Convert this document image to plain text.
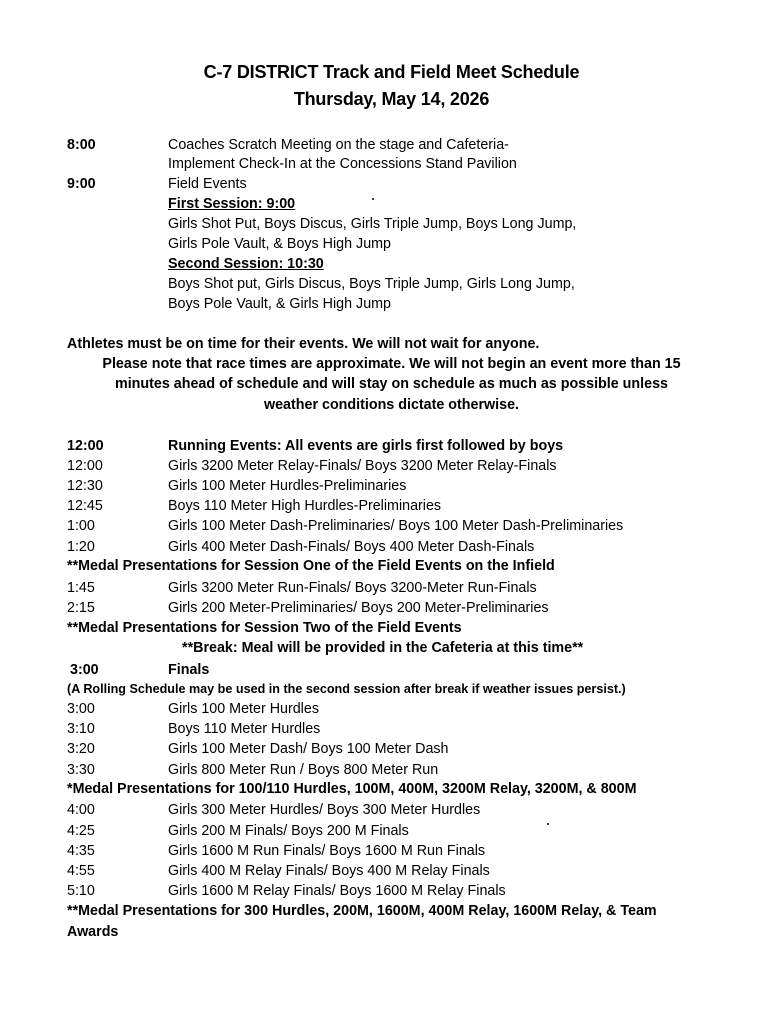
C-7 DISTRICT Track and Field Meet Schedule
Thursday, May 14, 2026
8:00	Coaches Scratch Meeting on the stage and Cafeteria-
Implement Check-In at the Concessions Stand Pavilion
9:00	Field Events
First Session: 9:00
Girls Shot Put, Boys Discus, Girls Triple Jump, Boys Long Jump,
Girls Pole Vault, & Boys High Jump
Second Session: 10:30
Boys Shot put, Girls Discus, Boys Triple Jump, Girls Long Jump,
Boys Pole Vault, & Girls High Jump
Athletes must be on time for their events. We will not wait for anyone.
Please note that race times are approximate. We will not begin an event more than 15
minutes ahead of schedule and will stay on schedule as much as possible unless
weather conditions dictate otherwise.
12:00	Running Events: All events are girls first followed by boys
12:00	Girls 3200 Meter Relay-Finals/ Boys 3200 Meter Relay-Finals
12:30	Girls 100 Meter Hurdles-Preliminaries
12:45	Boys 110 Meter High Hurdles-Preliminaries
1:00	Girls 100 Meter Dash-Preliminaries/ Boys 100 Meter Dash-Preliminaries
1:20	Girls 400 Meter Dash-Finals/ Boys 400 Meter Dash-Finals
**Medal Presentations for Session One of the Field Events on the Infield
1:45	Girls 3200 Meter Run-Finals/ Boys 3200-Meter Run-Finals
2:15	Girls 200 Meter-Preliminaries/ Boys 200 Meter-Preliminaries
**Medal Presentations for Session Two of the Field Events
**Break: Meal will be provided in the Cafeteria at this time**
3:00	Finals
(A Rolling Schedule may be used in the second session after break if weather issues persist.)
3:00	Girls 100 Meter Hurdles
3:10	Boys 110 Meter Hurdles
3:20	Girls 100 Meter Dash/ Boys 100 Meter Dash
3:30	Girls 800 Meter Run / Boys 800 Meter Run
*Medal Presentations for 100/110 Hurdles, 100M, 400M, 3200M Relay, 3200M, & 800M
4:00	Girls 300 Meter Hurdles/ Boys 300 Meter Hurdles
4:25	Girls 200 M Finals/ Boys 200 M Finals
4:35	Girls 1600 M Run Finals/ Boys 1600 M Run Finals
4:55	Girls 400 M Relay Finals/ Boys 400 M Relay Finals
5:10	Girls 1600 M Relay Finals/ Boys 1600 M Relay Finals
**Medal Presentations for 300 Hurdles, 200M, 1600M, 400M Relay, 1600M Relay, & Team
Awards
